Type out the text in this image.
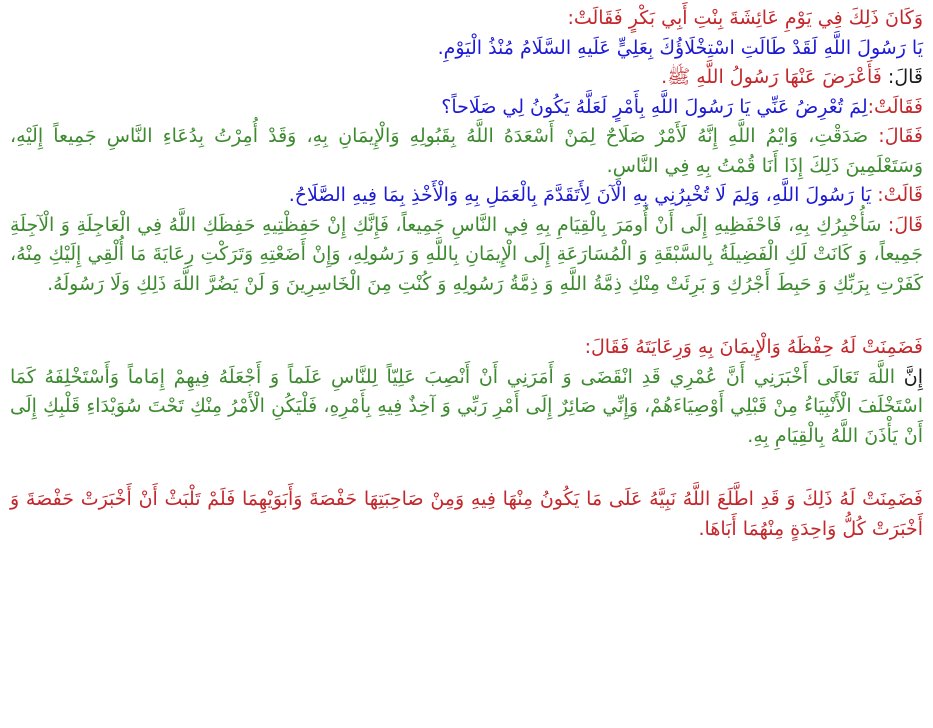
وَكَانَ ذَلِكَ فِي يَوْمِ عَائِشَةَ بِنْتِ أَبِي بَكْرٍ فَقَالَتْ:

يَا رَسُولَ اللَّهِ لَقَدْ طَالَتِ اسْتِخْلَاؤُكَ بِعَلِيٍّ عَلَيهِ السَّلَامُ مُنْذُ الْيَوْمِ.

قَالَ: فَأَعْرَضَ عَنْهَا رَسُولُ اللَّهِ ﷺ.

فَقَالَتْ:لِمَ تُعْرِضُ عَنِّي يَا رَسُولَ اللَّهِ بِأَمْرٍ لَعَلَّهُ يَكُونُ لِي صَلَاحاً؟

فَقَالَ: صَدَقْتِ، وَايْمُ اللَّهِ إِنَّهُ لَأَمْرٌ صَلَاحٌ لِمَنْ أَسْعَدَهُ اللَّهُ بِقَبُولِهِ وَالْإِيمَانِ بِهِ، وَقَدْ أُمِرْتُ بِدُعَاءِ النَّاسِ جَمِيعاً إِلَيْهِ، وَسَتَعْلَمِينَ ذَلِكَ إِذَا أَنَا قُمْتُ بِهِ فِي النَّاسِ.

قَالَتْ: يَا رَسُولَ اللَّهِ، وَلِمَ لَا تُخْبِرُنِي بِهِ الْآنَ لِأَتَقَدَّمَ بِالْعَمَلِ بِهِ وَالْأَخْذِ بِمَا فِيهِ الصَّلَاحُ.

قَالَ: سَأُخْبِرُكِ بِهِ، فَاحْفَظِيهِ إِلَى أَنْ أُومَرَ بِالْقِيَامِ بِهِ فِي النَّاسِ جَمِيعاً، فَإِنَّكِ إِنْ حَفِظْتِيهِ حَفِظَكِ اللَّهُ فِي الْعَاجِلَةِ وَ الْآجِلَةِ جَمِيعاً، وَ كَانَتْ لَكِ الْفَضِيلَةُ بِالسَّبْقَةِ وَ الْمُسَارَعَةِ إِلَى الْإِيمَانِ بِاللَّهِ وَ رَسُولِهِ، وَإِنْ أَضَعْتِهِ وَتَرَكْتِ رِعَايَةَ مَا أُلْقِي إِلَيْكِ مِنْهُ، كَفَرْتِ بِرَبِّكِ وَ حَبِطَ أَجْرُكِ وَ بَرِئَتْ مِنْكِ ذِمَّةُ اللَّهِ وَ ذِمَّةُ رَسُولِهِ وَ كُنْتِ مِنَ الْخَاسِرِينَ وَ لَنْ يَضُرَّ اللَّهَ ذَلِكِ وَلَا رَسُولَهُ.

فَضَمِنَتْ لَهُ حِفْظَهُ وَالْإِيمَانَ بِهِ وَرِعَايَتَهُ فَقَالَ:

إِنَّ اللَّهَ تَعَالَى أَخْبَرَنِي أَنَّ عُمْرِي قَدِ انْقَضَى وَ أَمَرَنِي أَنْ أَنْصِبَ عَلِيّاً لِلنَّاسِ عَلَماً وَ أَجْعَلَهُ فِيهِمْ إِمَاماً وَأَسْتَخْلِفَهُ كَمَا اسْتَخْلَفَ الْأَنْبِيَاءُ مِنْ قَبْلِي أَوْصِيَاءَهُمْ، وَإِنِّي صَائِرٌ إِلَى أَمْرِ رَبِّي وَ آخِذٌ فِيهِ بِأَمْرِهِ، فَلْيَكُنِ الْأَمْرُ مِنْكِ تَحْتَ سُوَيْدَاءِ قَلْبِكِ إِلَى أَنْ يَأْذَنَ اللَّهُ بِالْقِيَامِ بِهِ.

فَضَمِنَتْ لَهُ ذَلِكَ وَ قَدِ اطَّلَعَ اللَّهُ نَبِيَّهُ عَلَى مَا يَكُونُ مِنْهَا فِيهِ وَمِنْ صَاحِبَتِهَا حَفْصَةَ وَأَبَوَيْهِمَا فَلَمْ تَلْبَثْ أَنْ أَخْبَرَتْ حَفْصَةَ وَ أَخْبَرَتْ كُلُّ وَاحِدَةٍ مِنْهُمَا أَبَاهَا.
